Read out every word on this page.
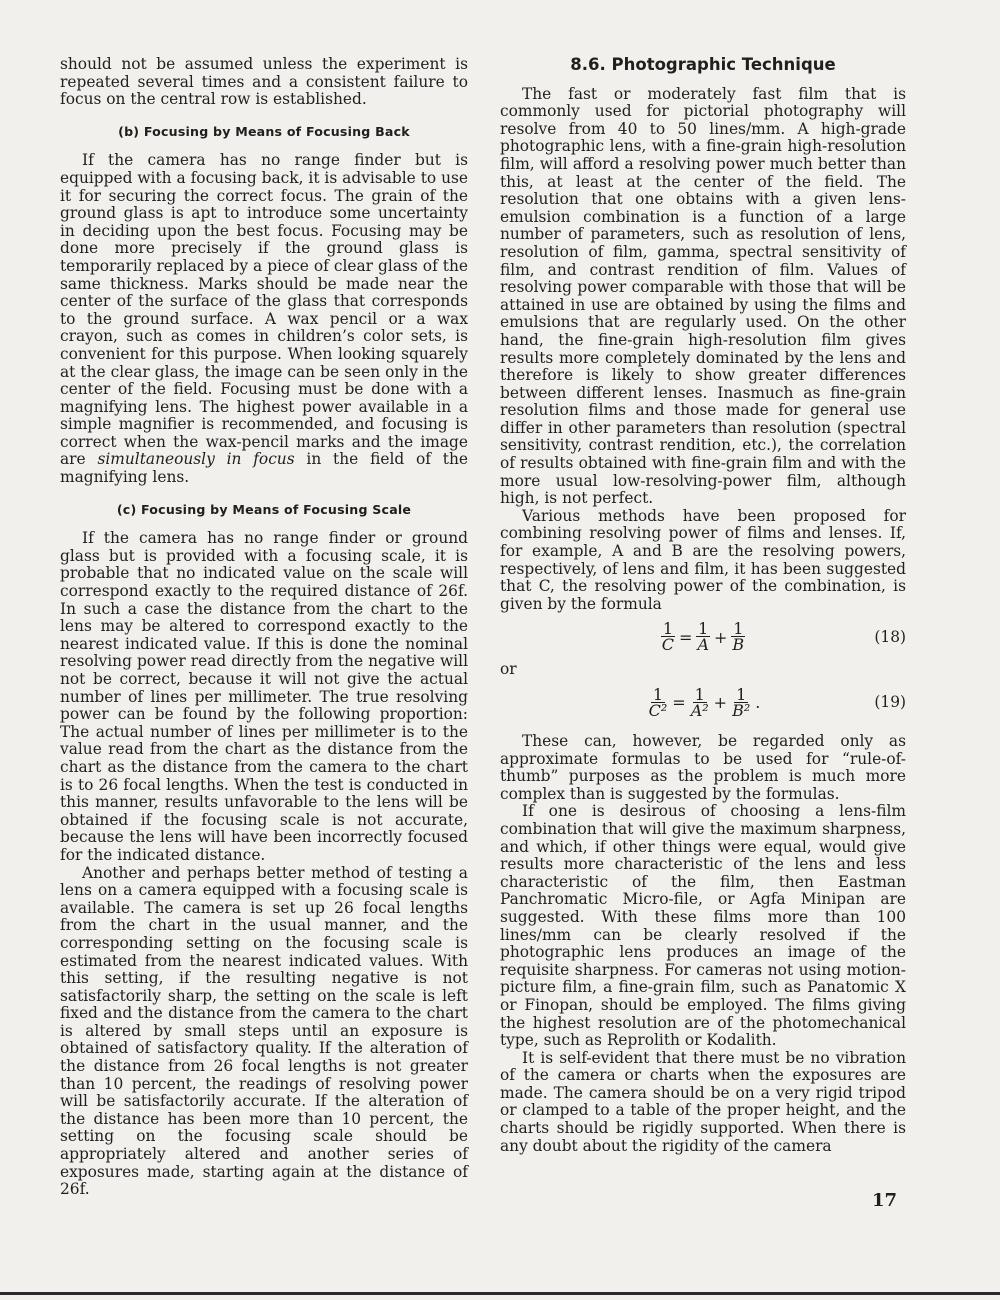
should not be assumed unless the experiment is repeated several times and a consistent failure to focus on the central row is established.

(b) Focusing by Means of Focusing Back

If the camera has no range finder but is equipped with a focusing back, it is advisable to use it for securing the correct focus. The grain of the ground glass is apt to introduce some uncertainty in deciding upon the best focus. Focusing may be done more precisely if the ground glass is temporarily replaced by a piece of clear glass of the same thickness. Marks should be made near the center of the surface of the glass that corresponds to the ground surface. A wax pencil or a wax crayon, such as comes in children’s color sets, is convenient for this purpose. When looking squarely at the clear glass, the image can be seen only in the center of the field. Focusing must be done with a magnifying lens. The highest power available in a simple magnifier is recommended, and focusing is correct when the wax-pencil marks and the image are simultaneously in focus in the field of the magnifying lens.

(c) Focusing by Means of Focusing Scale

If the camera has no range finder or ground glass but is provided with a focusing scale, it is probable that no indicated value on the scale will correspond exactly to the required distance of 26f. In such a case the distance from the chart to the lens may be altered to correspond exactly to the nearest indicated value. If this is done the nominal resolving power read directly from the negative will not be correct, because it will not give the actual number of lines per millimeter. The true resolving power can be found by the following proportion: The actual number of lines per millimeter is to the value read from the chart as the distance from the chart as the distance from the camera to the chart is to 26 focal lengths. When the test is conducted in this manner, results unfavorable to the lens will be obtained if the focusing scale is not accurate, because the lens will have been incorrectly focused for the indicated distance.

Another and perhaps better method of testing a lens on a camera equipped with a focusing scale is available. The camera is set up 26 focal lengths from the chart in the usual manner, and the corresponding setting on the focusing scale is estimated from the nearest indicated values. With this setting, if the resulting negative is not satisfactorily sharp, the setting on the scale is left fixed and the distance from the camera to the chart is altered by small steps until an exposure is obtained of satisfactory quality. If the alteration of the distance from 26 focal lengths is not greater than 10 percent, the readings of resolving power will be satisfactorily accurate. If the alteration of the distance has been more than 10 percent, the setting on the focusing scale should be appropriately altered and another series of exposures made, starting again at the distance of 26f.

8.6. Photographic Technique

The fast or moderately fast film that is commonly used for pictorial photography will resolve from 40 to 50 lines/mm. A high-grade photographic lens, with a fine-grain high-resolution film, will afford a resolving power much better than this, at least at the center of the field. The resolution that one obtains with a given lens-emulsion combination is a function of a large number of parameters, such as resolution of lens, resolution of film, gamma, spectral sensitivity of film, and contrast rendition of film. Values of resolving power comparable with those that will be attained in use are obtained by using the films and emulsions that are regularly used. On the other hand, the fine-grain high-resolution film gives results more completely dominated by the lens and therefore is likely to show greater differences between different lenses. Inasmuch as fine-grain resolution films and those made for general use differ in other parameters than resolution (spectral sensitivity, contrast rendition, etc.), the correlation of results obtained with fine-grain film and with the more usual low-resolving-power film, although high, is not perfect.

Various methods have been proposed for combining resolving power of films and lenses. If, for example, A and B are the resolving powers, respectively, of lens and film, it has been suggested that C, the resolving power of the combination, is given by the formula

$\frac{1}{C} = \frac{1}{A} + \frac{1}{B}$	(18)
or
$\frac{1}{\text{C²}} = \frac{1}{\text{A²}} + \frac{1}{\text{B²}}$ .	(19)

These can, however, be regarded only as approximate formulas to be used for “rule-of-thumb” purposes as the problem is much more complex than is suggested by the formulas.

If one is desirous of choosing a lens-film combination that will give the maximum sharpness, and which, if other things were equal, would give results more characteristic of the lens and less characteristic of the film, then Eastman Panchromatic Micro-file, or Agfa Minipan are suggested. With these films more than 100 lines/mm can be clearly resolved if the photographic lens produces an image of the requisite sharpness. For cameras not using motion-picture film, a fine-grain film, such as Panatomic X or Finopan, should be employed. The films giving the highest resolution are of the photomechanical type, such as Reprolith or Kodalith.

It is self-evident that there must be no vibration of the camera or charts when the exposures are made. The camera should be on a very rigid tripod or clamped to a table of the proper height, and the charts should be rigidly supported. When there is any doubt about the rigidity of the camera

17
